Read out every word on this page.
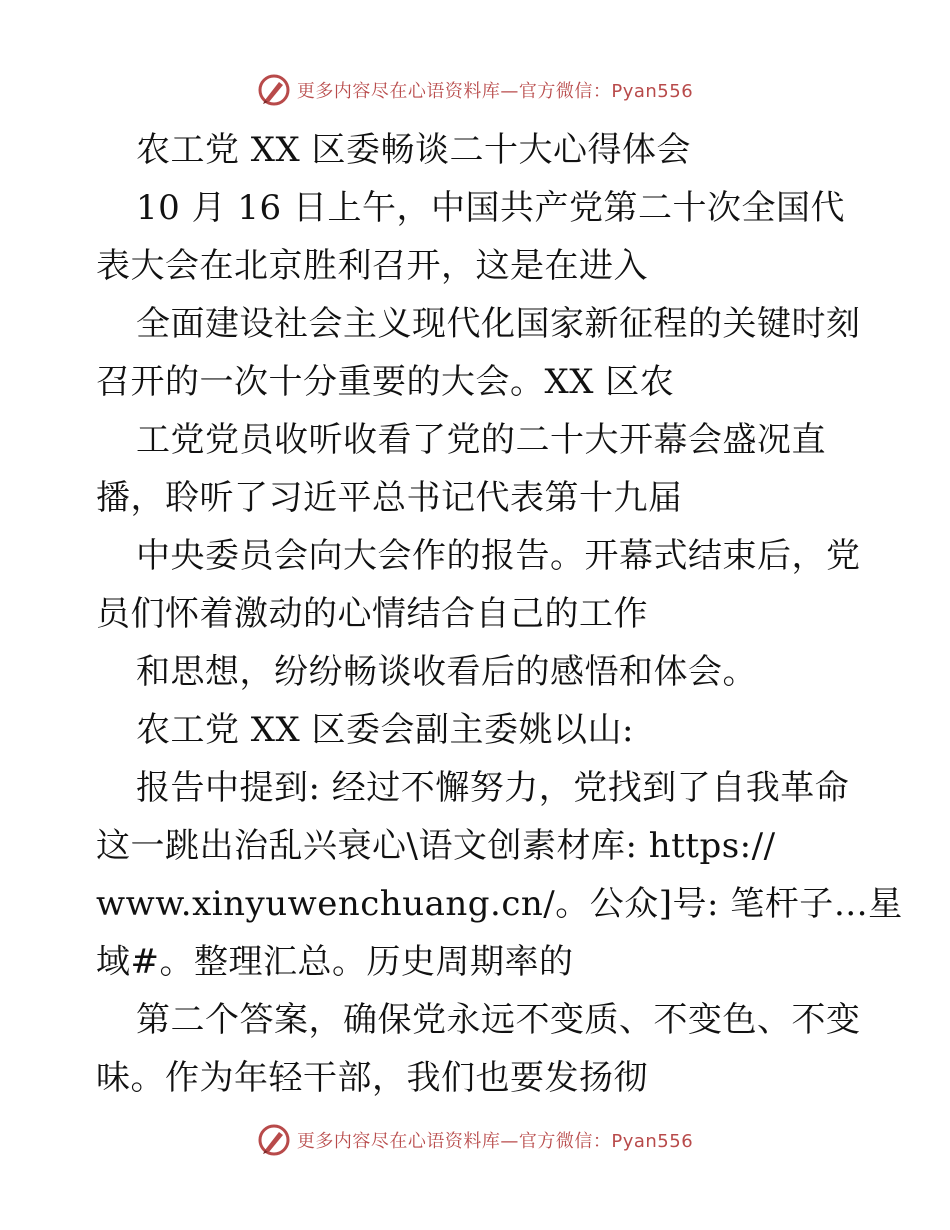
更多内容尽在心语资料库—官方微信：Pyan556
农工党 XX 区委畅谈二十大心得体会
10 月 16 日上午，中国共产党第二十次全国代
表大会在北京胜利召开，这是在进入
全面建设社会主义现代化国家新征程的关键时刻
召开的一次十分重要的大会。XX 区农
工党党员收听收看了党的二十大开幕会盛况直
播，聆听了习近平总书记代表第十九届
中央委员会向大会作的报告。开幕式结束后，党
员们怀着激动的心情结合自己的工作
和思想，纷纷畅谈收看后的感悟和体会。
农工党 XX 区委会副主委姚以山:
报告中提到: 经过不懈努力，党找到了自我革命
这一跳出治乱兴衰心\语文创素材库: https://
www.xinyuwenchuang.cn/。公众]号: 笔杆子…星
域#。整理汇总。历史周期率的
第二个答案，确保党永远不变质、不变色、不变
味。作为年轻干部，我们也要发扬彻
更多内容尽在心语资料库—官方微信：Pyan556
